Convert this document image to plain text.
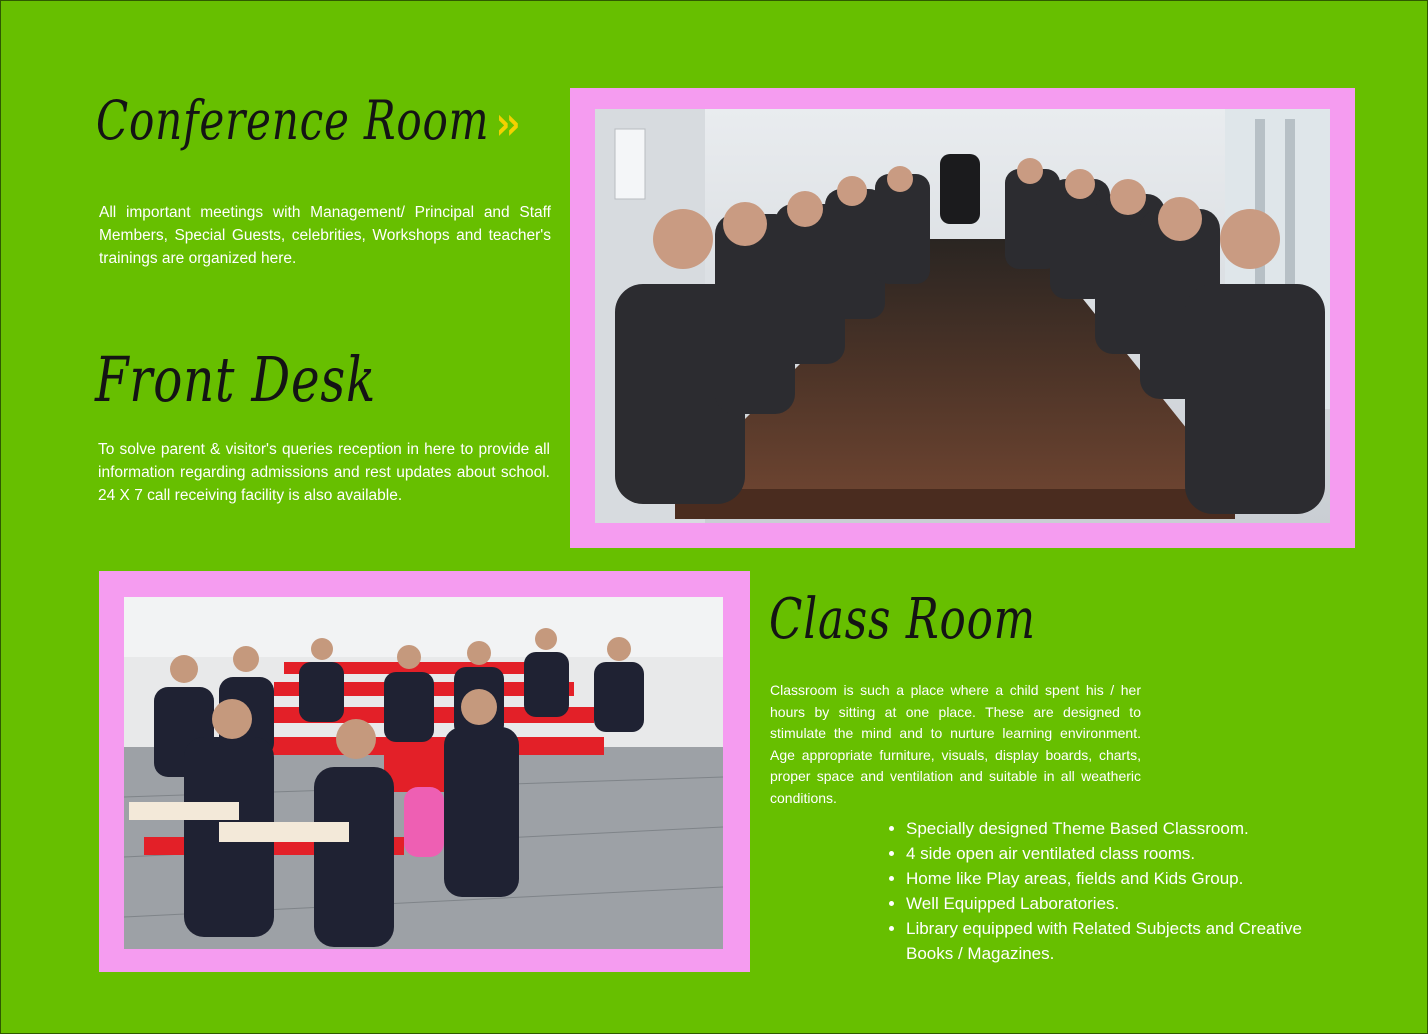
Conference Room ››
All important meetings with Management/ Principal and Staff Members, Special Guests, celebrities, Workshops and teacher's trainings are organized here.
Front Desk
To solve parent & visitor's queries reception in here to provide all information regarding admissions and rest updates about school. 24 X 7 call receiving facility is also available.
Class Room
Classroom is such a place where a child spent his / her hours by sitting at one place. These are designed to stimulate the mind and to nurture learning environment. Age appropriate furniture, visuals, display boards, charts, proper space and ventilation and suitable in all weatheric conditions.
Specially designed Theme Based Classroom.
4 side open air ventilated class rooms.
Home like Play areas, fields and Kids Group.
Well Equipped Laboratories.
Library equipped with Related Subjects and Creative Books / Magazines.
